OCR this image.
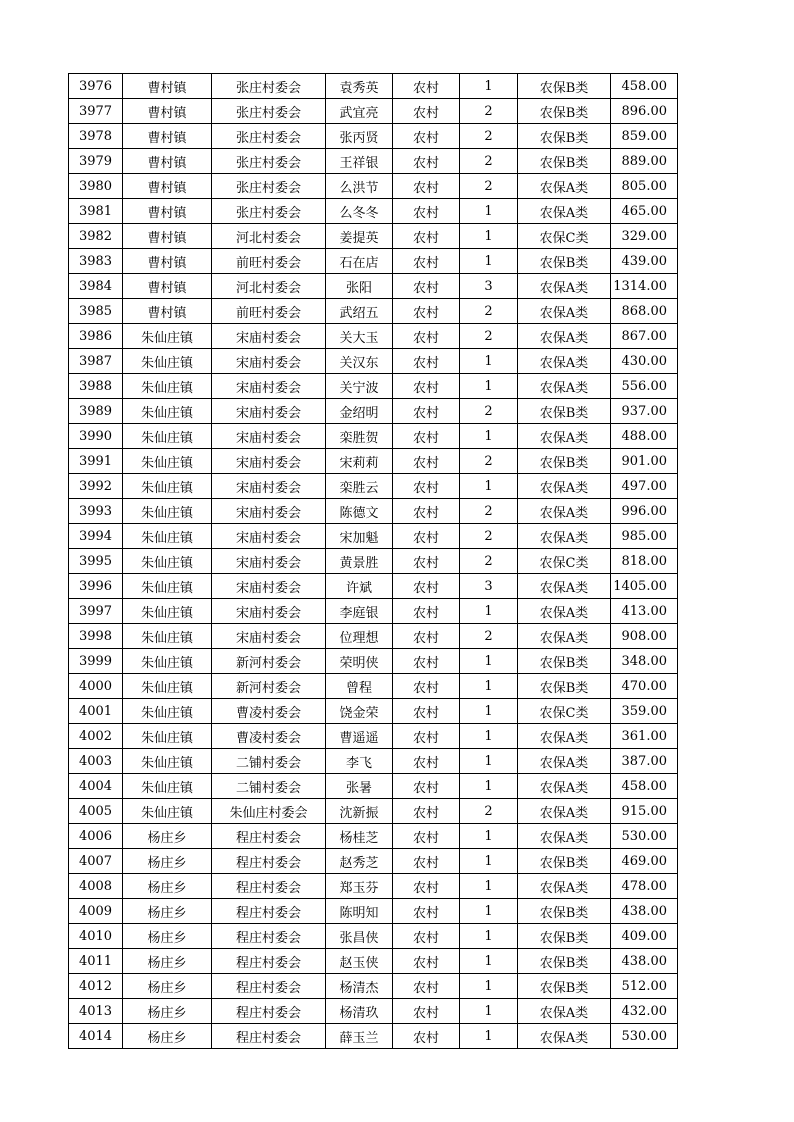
3976	曹村镇	张庄村委会	袁秀英	农村	1	农保B类	458.00
3977	曹村镇	张庄村委会	武宜亮	农村	2	农保B类	896.00
3978	曹村镇	张庄村委会	张丙贤	农村	2	农保B类	859.00
3979	曹村镇	张庄村委会	王祥银	农村	2	农保B类	889.00
3980	曹村镇	张庄村委会	么洪节	农村	2	农保A类	805.00
3981	曹村镇	张庄村委会	么冬冬	农村	1	农保A类	465.00
3982	曹村镇	河北村委会	姜提英	农村	1	农保C类	329.00
3983	曹村镇	前旺村委会	石在店	农村	1	农保B类	439.00
3984	曹村镇	河北村委会	张阳	农村	3	农保A类	1314.00
3985	曹村镇	前旺村委会	武绍五	农村	2	农保A类	868.00
3986	朱仙庄镇	宋庙村委会	关大玉	农村	2	农保A类	867.00
3987	朱仙庄镇	宋庙村委会	关汉东	农村	1	农保A类	430.00
3988	朱仙庄镇	宋庙村委会	关宁波	农村	1	农保A类	556.00
3989	朱仙庄镇	宋庙村委会	金绍明	农村	2	农保B类	937.00
3990	朱仙庄镇	宋庙村委会	栾胜贺	农村	1	农保A类	488.00
3991	朱仙庄镇	宋庙村委会	宋莉莉	农村	2	农保B类	901.00
3992	朱仙庄镇	宋庙村委会	栾胜云	农村	1	农保A类	497.00
3993	朱仙庄镇	宋庙村委会	陈德文	农村	2	农保A类	996.00
3994	朱仙庄镇	宋庙村委会	宋加魁	农村	2	农保A类	985.00
3995	朱仙庄镇	宋庙村委会	黄景胜	农村	2	农保C类	818.00
3996	朱仙庄镇	宋庙村委会	许斌	农村	3	农保A类	1405.00
3997	朱仙庄镇	宋庙村委会	李庭银	农村	1	农保A类	413.00
3998	朱仙庄镇	宋庙村委会	位理想	农村	2	农保A类	908.00
3999	朱仙庄镇	新河村委会	荣明侠	农村	1	农保B类	348.00
4000	朱仙庄镇	新河村委会	曾程	农村	1	农保B类	470.00
4001	朱仙庄镇	曹凌村委会	饶金荣	农村	1	农保C类	359.00
4002	朱仙庄镇	曹凌村委会	曹遥遥	农村	1	农保A类	361.00
4003	朱仙庄镇	二铺村委会	李飞	农村	1	农保A类	387.00
4004	朱仙庄镇	二铺村委会	张暑	农村	1	农保A类	458.00
4005	朱仙庄镇	朱仙庄村委会	沈新振	农村	2	农保A类	915.00
4006	杨庄乡	程庄村委会	杨桂芝	农村	1	农保A类	530.00
4007	杨庄乡	程庄村委会	赵秀芝	农村	1	农保B类	469.00
4008	杨庄乡	程庄村委会	郑玉芬	农村	1	农保A类	478.00
4009	杨庄乡	程庄村委会	陈明知	农村	1	农保B类	438.00
4010	杨庄乡	程庄村委会	张昌侠	农村	1	农保B类	409.00
4011	杨庄乡	程庄村委会	赵玉侠	农村	1	农保B类	438.00
4012	杨庄乡	程庄村委会	杨清杰	农村	1	农保B类	512.00
4013	杨庄乡	程庄村委会	杨清玖	农村	1	农保A类	432.00
4014	杨庄乡	程庄村委会	薛玉兰	农村	1	农保A类	530.00
